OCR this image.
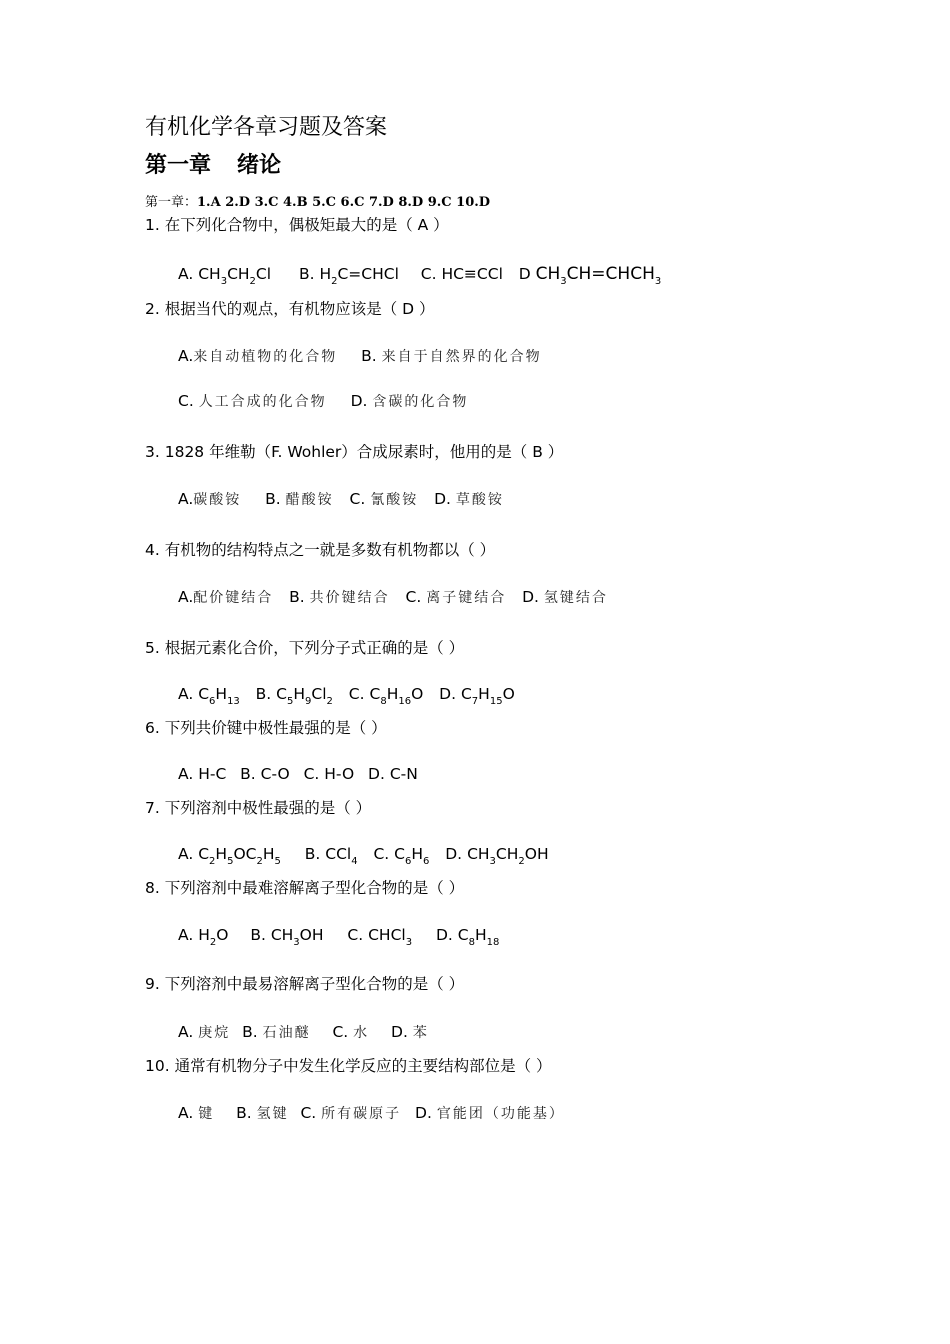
有机化学各章习题及答案
第一章 绪论
第一章：1.A 2.D 3.C 4.B 5.C 6.C 7.D 8.D 9.C 10.D
1. 在下列化合物中，偶极矩最大的是（ A ）
A. $CH_3CH_2Cl$ B. $H_2C=CHCl$ C. HC≡CCl D $CH_3CH=CHCH_3$
2. 根据当代的观点，有机物应该是（ D ）
A.来自动植物的化合物 B. 来自于自然界的化合物
C. 人工合成的化合物 D. 含碳的化合物
3. 1828 年维勒（F. Wohler）合成尿素时，他用的是（ B ）
A.碳酸铵 B. 醋酸铵 C. 氰酸铵 D. 草酸铵
4. 有机物的结构特点之一就是多数有机物都以（ ）
A.配价键结合 B. 共价键结合 C. 离子键结合 D. 氢键结合
5. 根据元素化合价，下列分子式正确的是（ ）
A. $C_6H_{13}$ B. $C_5H_9Cl_2$ C. $C_8H_{16}O$ D. $C_7H_{15}O$
6. 下列共价键中极性最强的是（ ）
A. H-C B. C-O C. H-O D. C-N
7. 下列溶剂中极性最强的是（ ）
A. $C_2H_5OC_2H_5$ B. CCl$_4$ C. $C_6H_6$ D. $CH_3CH_2OH$
8. 下列溶剂中最难溶解离子型化合物的是（ ）
A. $H_2O$ B. $CH_3OH$ C. CHCl$_3$ D. $C_8H_{18}$
9. 下列溶剂中最易溶解离子型化合物的是（ ）
A. 庚烷 B. 石油醚 C. 水 D. 苯
10. 通常有机物分子中发生化学反应的主要结构部位是（ ）
A. 键 B. 氢键 C. 所有碳原子 D. 官能团（功能基）
